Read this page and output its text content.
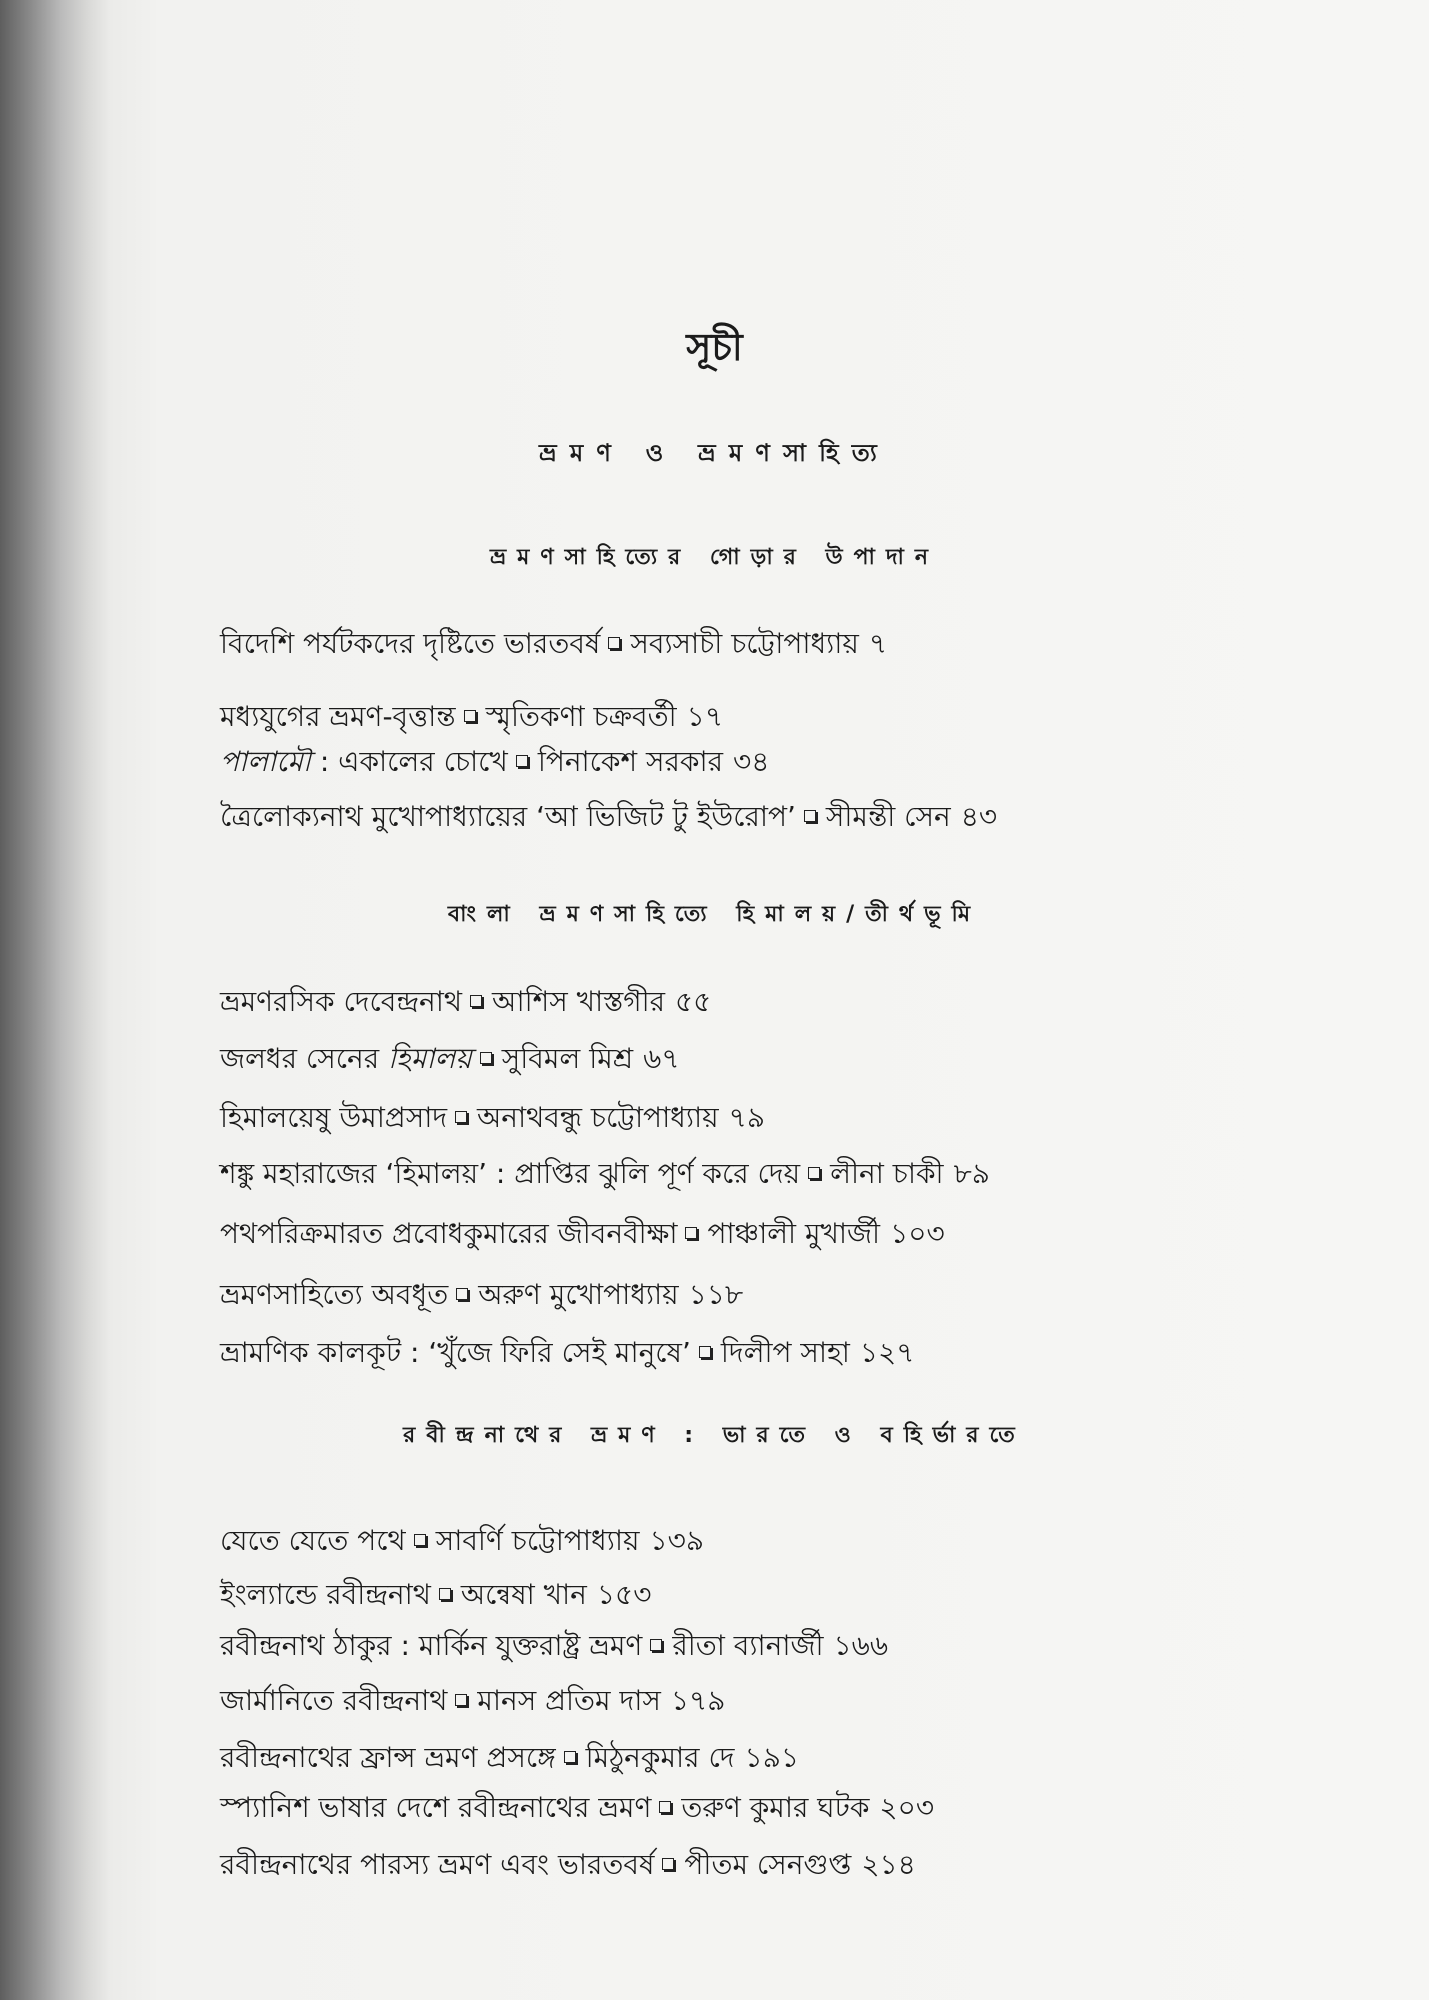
সূচী
ভ্রমণ ও ভ্রমণসাহিত্য
ভ্রমণসাহিত্যের গোড়ার উপাদান
বিদেশি পর্যটকদের দৃষ্টিতে ভারতবর্ষ সব্যসাচী চট্টোপাধ্যায় ৭
মধ্যযুগের ভ্রমণ-বৃত্তান্ত স্মৃতিকণা চক্রবর্তী ১৭
পালামৌ : একালের চোখে পিনাকেশ সরকার ৩৪
ত্রৈলোক্যনাথ মুখোপাধ্যায়ের ‘আ ভিজিট টু ইউরোপ’ সীমন্তী সেন ৪৩
বাংলা ভ্রমণসাহিত্যে হিমালয়/তীর্থভূমি
ভ্রমণরসিক দেবেন্দ্রনাথ আশিস খাস্তগীর ৫৫
জলধর সেনের হিমালয় সুবিমল মিশ্র ৬৭
হিমালয়েষু উমাপ্রসাদ অনাথবন্ধু চট্টোপাধ্যায় ৭৯
শঙ্কু মহারাজের ‘হিমালয়’ : প্রাপ্তির ঝুলি পূর্ণ করে দেয় লীনা চাকী ৮৯
পথপরিক্রমারত প্রবোধকুমারের জীবনবীক্ষা পাঞ্চালী মুখার্জী ১০৩
ভ্রমণসাহিত্যে অবধূত অরুণ মুখোপাধ্যায় ১১৮
ভ্রামণিক কালকূট : ‘খুঁজে ফিরি সেই মানুষে’ দিলীপ সাহা ১২৭
রবীন্দ্রনাথের ভ্রমণ : ভারতে ও বহির্ভারতে
যেতে যেতে পথে সাবর্ণি চট্টোপাধ্যায় ১৩৯
ইংল্যান্ডে রবীন্দ্রনাথ অন্বেষা খান ১৫৩
রবীন্দ্রনাথ ঠাকুর : মার্কিন যুক্তরাষ্ট্র ভ্রমণ রীতা ব্যানার্জী ১৬৬
জার্মানিতে রবীন্দ্রনাথ মানস প্রতিম দাস ১৭৯
রবীন্দ্রনাথের ফ্রান্স ভ্রমণ প্রসঙ্গে মিঠুনকুমার দে ১৯১
স্প্যানিশ ভাষার দেশে রবীন্দ্রনাথের ভ্রমণ তরুণ কুমার ঘটক ২০৩
রবীন্দ্রনাথের পারস্য ভ্রমণ এবং ভারতবর্ষ পীতম সেনগুপ্ত ২১৪
